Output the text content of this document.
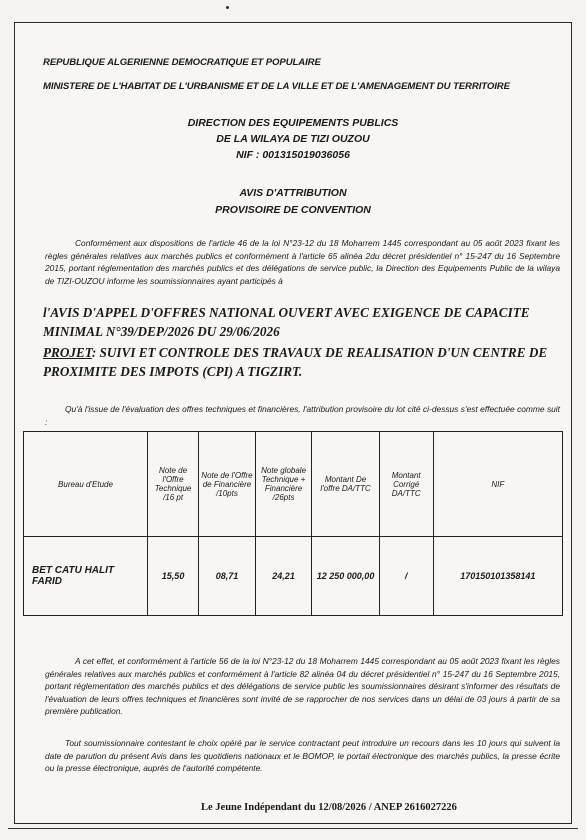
REPUBLIQUE ALGERIENNE DEMOCRATIQUE ET POPULAIRE
MINISTERE DE L'HABITAT DE L'URBANISME ET DE LA VILLE ET DE L'AMENAGEMENT DU TERRITOIRE
DIRECTION DES EQUIPEMENTS PUBLICS
DE LA WILAYA DE TIZI OUZOU
NIF : 001315019036056
AVIS D'ATTRIBUTION
PROVISOIRE DE CONVENTION
Conformément aux dispositions de l'article 46 de la loi N°23-12 du 18 Moharrem 1445 correspondant au 05 août 2023 fixant les règles générales relatives aux marchés publics et conformément à l'article 65 alinéa 2du décret présidentiel n° 15-247 du 16 Septembre 2015, portant réglementation des marchés publics et des délégations de service public, la Direction des Equipements Public de la wilaya de TIZI-OUZOU informe les soumissionnaires ayant participés à
l'AVIS D'APPEL D'OFFRES NATIONAL OUVERT AVEC EXIGENCE DE CAPACITE MINIMAL N°39/DEP/2026 DU 29/06/2026
PROJET: SUIVI ET CONTROLE DES TRAVAUX DE REALISATION D'UN CENTRE DE PROXIMITE DES IMPOTS (CPI) A TIGZIRT.
Qu'à l'issue de l'évaluation des offres techniques et financières, l'attribution provisoire du lot cité ci-dessus s'est effectuée comme suit :
Bureau d'Etude	Note de l'Offre Technique /16 pt	Note de l'Offre de Financière /10pts	Note globale Technique + Financière /26pts	Montant De l'offre DA/TTC	Montant Corrigé DA/TTC	NIF
BET CATU HALIT FARID	15,50	08,71	24,21	12 250 000,00	/	170150101358141
A cet effet, et conformément à l'article 56 de la loi N°23-12 du 18 Moharrem 1445 correspondant au 05 août 2023 fixant les règles générales relatives aux marchés publics et conformément à l'article 82 alinéa 04 du décret présidentiel n° 15-247 du 16 Septembre 2015, portant réglementation des marchés publics et des délégations de service public les soumissionnaires désirant s'informer des résultats de l'évaluation de leurs offres techniques et financières sont invité de se rapprocher de nos services dans un délai de 03 jours à partir de sa première publication.
Tout soumissionnaire contestant le choix opéré par le service contractant peut introduire un recours dans les 10 jours qui suivent la date de parution du présent Avis dans les quotidiens nationaux et le BOMOP, le portail électronique des marchés publics, la presse écrite ou la presse électronique, auprès de l'autorité compétente.
Le Jeune Indépendant du 12/08/2026 / ANEP 2616027226
